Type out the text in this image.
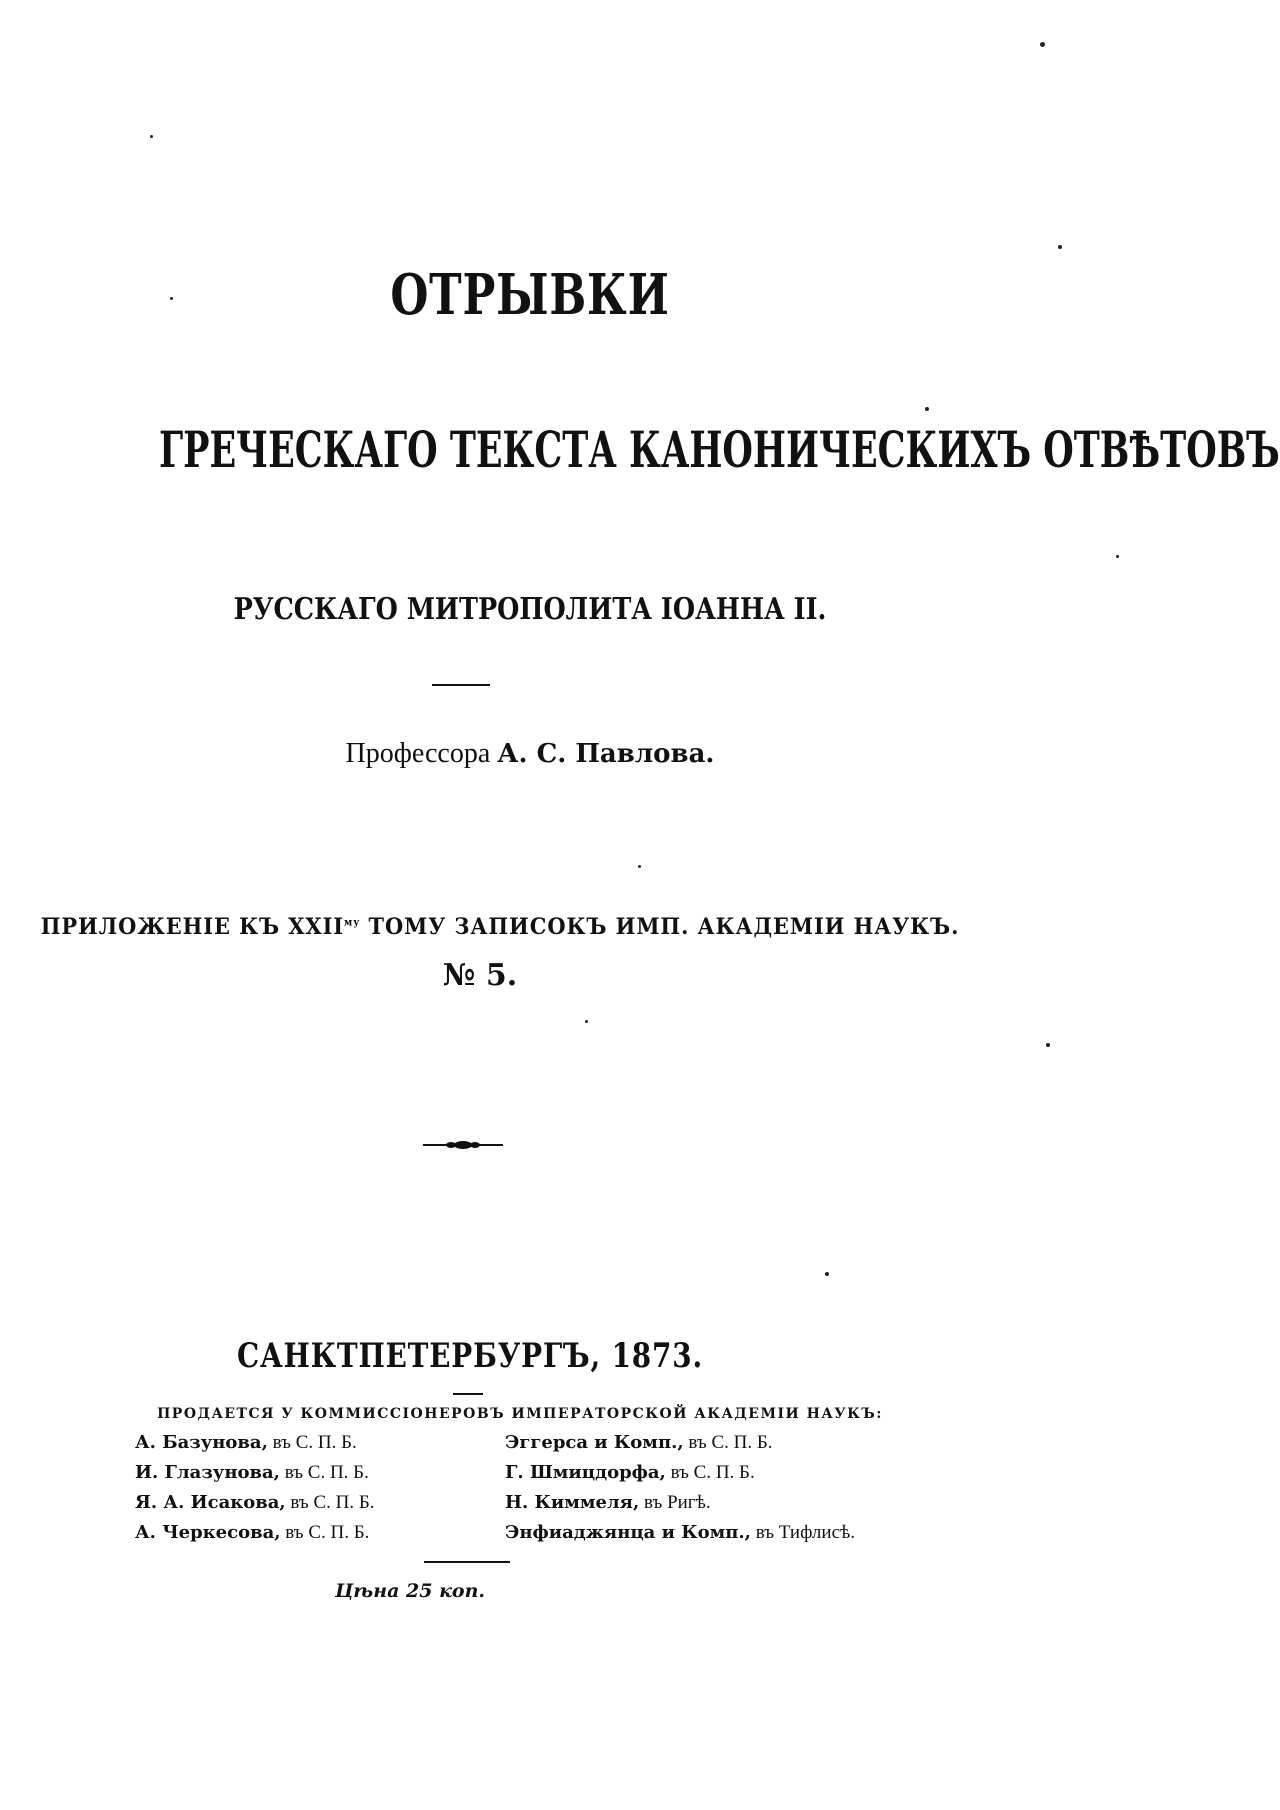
ОТРЫВКИ
ГРЕЧЕСКАГО ТЕКСТА КАНОНИЧЕСКИХЪ ОТВѢТОВЪ
РУССКАГО МИТРОПОЛИТА IОАННА II.
Профессора А. С. Павлова.
ПРИЛОЖЕНIЕ КЪ $XXII^{му}$ ТОМУ ЗАПИСОКЪ ИМП. АКАДЕМIИ НАУКЪ.
№ 5.
САНКТПЕТЕРБУРГЪ, 1873.
ПРОДАЕТСЯ У КОММИССIОНЕРОВЪ ИМПЕРАТОРСКОЙ АКАДЕМIИ НАУКЪ:
А. Базунова, въ С. П. Б.
И. Глазунова, въ С. П. Б.
Я. А. Исакова, въ С. П. Б.
А. Черкесова, въ С. П. Б.
Эггерса и Комп., въ С. П. Б.
Г. Шмицдорфа, въ С. П. Б.
Н. Киммеля, въ Ригѣ.
Энфиаджянца и Комп., въ Тифлисѣ.
Цѣна 25 коп.
